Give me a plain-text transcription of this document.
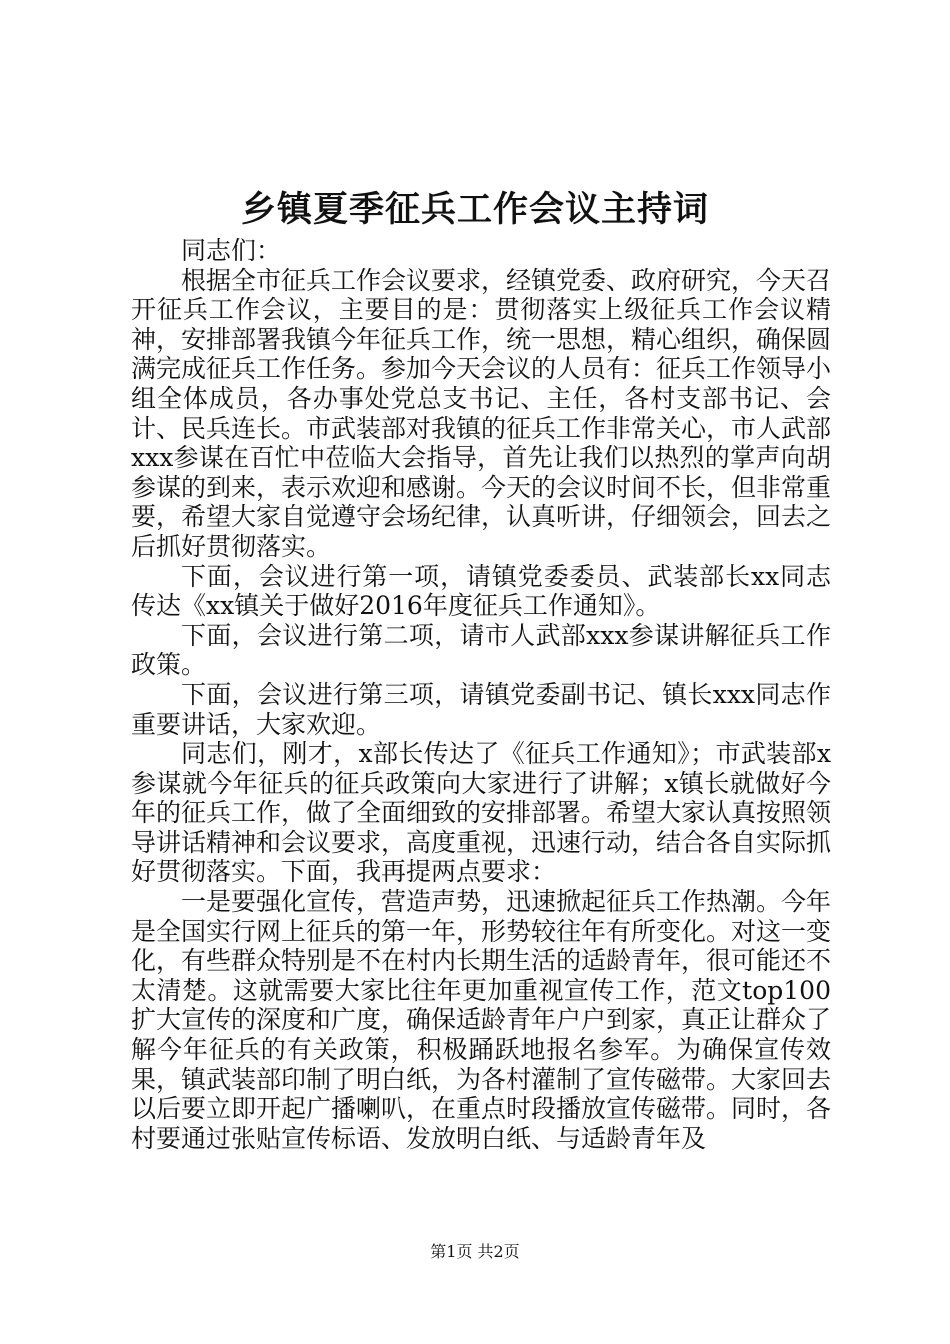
乡镇夏季征兵工作会议主持词

同志们：

根据全市征兵工作会议要求，经镇党委、政府研究，今天召开征兵工作会议，主要目的是：贯彻落实上级征兵工作会议精神，安排部署我镇今年征兵工作，统一思想，精心组织，确保圆满完成征兵工作任务。参加今天会议的人员有：征兵工作领导小组全体成员，各办事处党总支书记、主任，各村支部书记、会计、民兵连长。市武装部对我镇的征兵工作非常关心，市人武部xxx参谋在百忙中莅临大会指导，首先让我们以热烈的掌声向胡参谋的到来，表示欢迎和感谢。今天的会议时间不长，但非常重要，希望大家自觉遵守会场纪律，认真听讲，仔细领会，回去之后抓好贯彻落实。

下面，会议进行第一项，请镇党委委员、武装部长xx同志传达《xx镇关于做好2016年度征兵工作通知》。

下面，会议进行第二项，请市人武部xxx参谋讲解征兵工作政策。

下面，会议进行第三项，请镇党委副书记、镇长xxx同志作重要讲话，大家欢迎。

同志们，刚才，x部长传达了《征兵工作通知》；市武装部x参谋就今年征兵的征兵政策向大家进行了讲解；x镇长就做好今年的征兵工作，做了全面细致的安排部署。希望大家认真按照领导讲话精神和会议要求，高度重视，迅速行动，结合各自实际抓好贯彻落实。下面，我再提两点要求：

一是要强化宣传，营造声势，迅速掀起征兵工作热潮。今年是全国实行网上征兵的第一年，形势较往年有所变化。对这一变化，有些群众特别是不在村内长期生活的适龄青年，很可能还不太清楚。这就需要大家比往年更加重视宣传工作，范文top100扩大宣传的深度和广度，确保适龄青年户户到家，真正让群众了解今年征兵的有关政策，积极踊跃地报名参军。为确保宣传效果，镇武装部印制了明白纸，为各村灌制了宣传磁带。大家回去以后要立即开起广播喇叭，在重点时段播放宣传磁带。同时，各村要通过张贴宣传标语、发放明白纸、与适龄青年及

第1页 共2页
